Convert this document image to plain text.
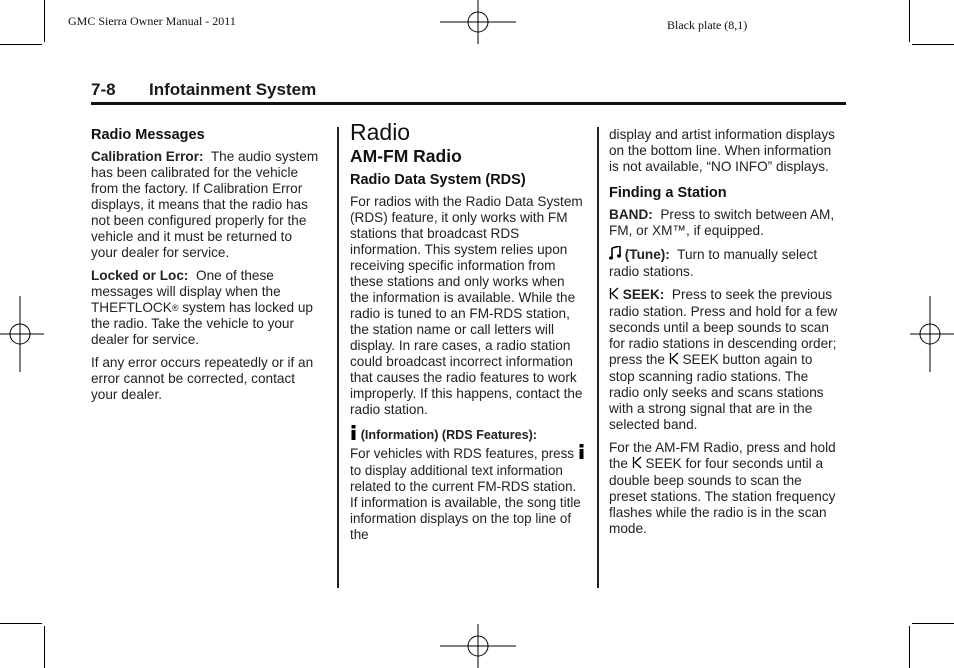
GMC Sierra Owner Manual - 2011	Black plate (8,1)
7-8 Infotainment System
Radio Messages

Calibration Error: The audio system has been calibrated for the vehicle from the factory. If Calibration Error displays, it means that the radio has not been configured properly for the vehicle and it must be returned to your dealer for service.

Locked or Loc: One of these messages will display when the THEFTLOCK® system has locked up the radio. Take the vehicle to your dealer for service.

If any error occurs repeatedly or if an error cannot be corrected, contact your dealer.

Radio
AM-FM Radio
Radio Data System (RDS)

For radios with the Radio Data System (RDS) feature, it only works with FM stations that broadcast RDS information. This system relies upon receiving specific information from these stations and only works when the information is available. While the radio is tuned to an FM-RDS station, the station name or call letters will display. In rare cases, a radio station could broadcast incorrect information that causes the radio features to work improperly. If this happens, contact the radio station.

(Information) (RDS Features):
For vehicles with RDS features, press  to display additional text information related to the current FM-RDS station. If information is available, the song title information displays on the top line of the

display and artist information displays on the bottom line. When information is not available, “NO INFO” displays.

Finding a Station

BAND: Press to switch between AM, FM, or XM™, if equipped.

(Tune): Turn to manually select radio stations.

SEEK: Press to seek the previous radio station. Press and hold for a few seconds until a beep sounds to scan for radio stations in descending order; press the SEEK button again to stop scanning radio stations. The radio only seeks and scans stations with a strong signal that are in the selected band.

For the AM-FM Radio, press and hold the SEEK for four seconds until a double beep sounds to scan the preset stations. The station frequency flashes while the radio is in the scan mode.
